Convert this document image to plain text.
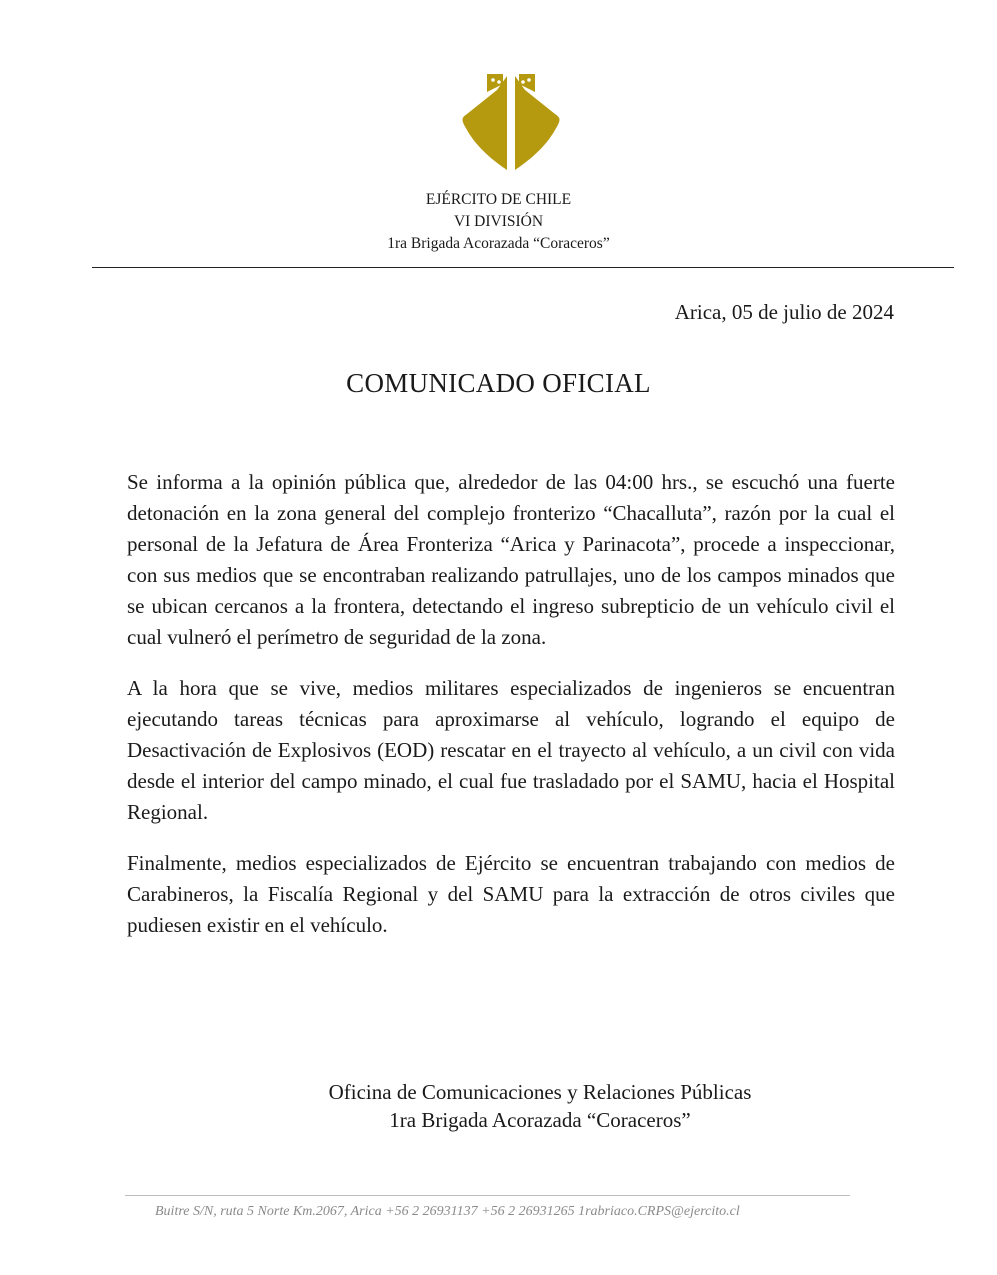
EJÉRCITO DE CHILE
VI DIVISIÓN
1ra Brigada Acorazada “Coraceros”
Arica, 05 de julio de 2024
COMUNICADO OFICIAL

Se informa a la opinión pública que, alrededor de las 04:00 hrs., se escuchó una fuerte detonación en la zona general del complejo fronterizo “Chacalluta”, razón por la cual el personal de la Jefatura de Área Fronteriza “Arica y Parinacota”, procede a inspeccionar, con sus medios que se encontraban realizando patrullajes, uno de los campos minados que se ubican cercanos a la frontera, detectando el ingreso subrepticio de un vehículo civil el cual vulneró el perímetro de seguridad de la zona.

A la hora que se vive, medios militares especializados de ingenieros se encuentran ejecutando tareas técnicas para aproximarse al vehículo, logrando el equipo de Desactivación de Explosivos (EOD) rescatar en el trayecto al vehículo, a un civil con vida desde el interior del campo minado, el cual fue trasladado por el SAMU, hacia el Hospital Regional.

Finalmente, medios especializados de Ejército se encuentran trabajando con medios de Carabineros, la Fiscalía Regional y del SAMU para la extracción de otros civiles que pudiesen existir en el vehículo.

Oficina de Comunicaciones y Relaciones Públicas
1ra Brigada Acorazada “Coraceros”
Buitre S/N, ruta 5 Norte Km.2067, Arica +56 2 26931137 +56 2 26931265 1rabriaco.CRPS@ejercito.cl
